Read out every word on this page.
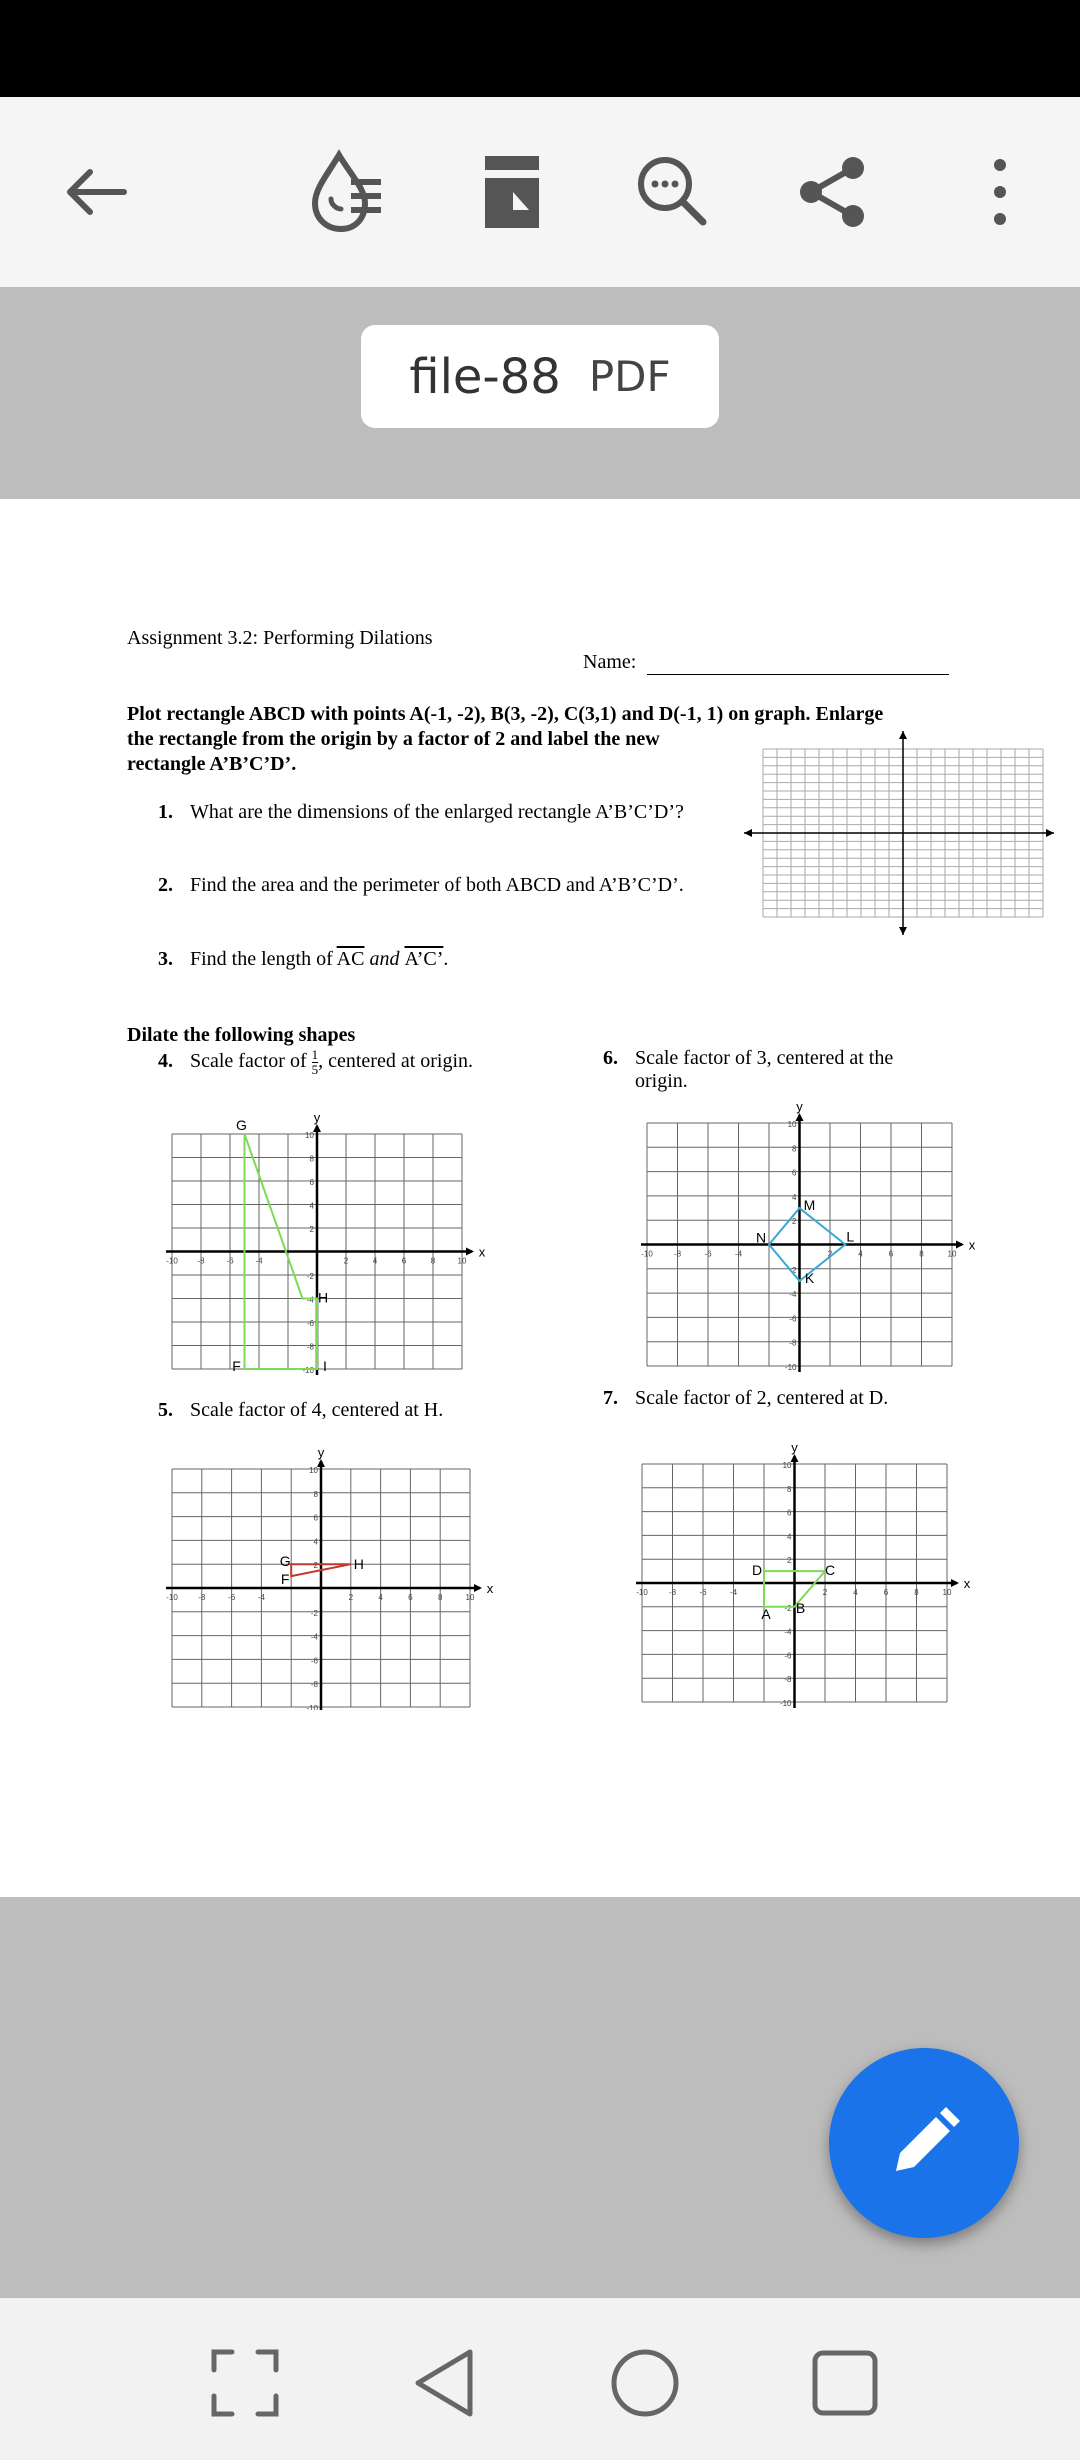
file-88 PDF
Assignment 3.2: Performing Dilations
Name:
Plot rectangle ABCD with points A(-1, -2), B(3, -2), C(3,1) and D(-1, 1) on graph. Enlarge
the rectangle from the origin by a factor of 2 and label the new
rectangle A’B’C’D’.
1. What are the dimensions of the enlarged rectangle A’B’C’D’?
2. Find the area and the perimeter of both ABCD and A’B’C’D’.
3. Find the length of $\overline{AC}$ and A’C’.
Dilate the following shapes
4. Scale factor of $\frac{1}{5}$ , centered at origin.	6. Scale factor of 3, centered at the
origin.
5. Scale factor of 4, centered at H.
7. Scale factor of 2, centered at D.
x
y
-10 -8	-6	-4	2	4	6	8	10
10
8
6
4
2
-2
-4
-6
-8
-10
G
H
F	I
x
y
-10	-8	-6	-4	2	4	6	8	10
10
8
6
4
2
-2
-4
-6
-8
-10
M
N	L
K
x
y
-10	-8	-6	-4	2	4	6	8	10
10
8
6
4
2
-2
-4
-6
-8
-10
G	H
F	x
y
-10	-8	-6	-4	2	4	6	8	10
10
8
6
4
2
-2
-4
-6
-8
-10
D	C
A B
